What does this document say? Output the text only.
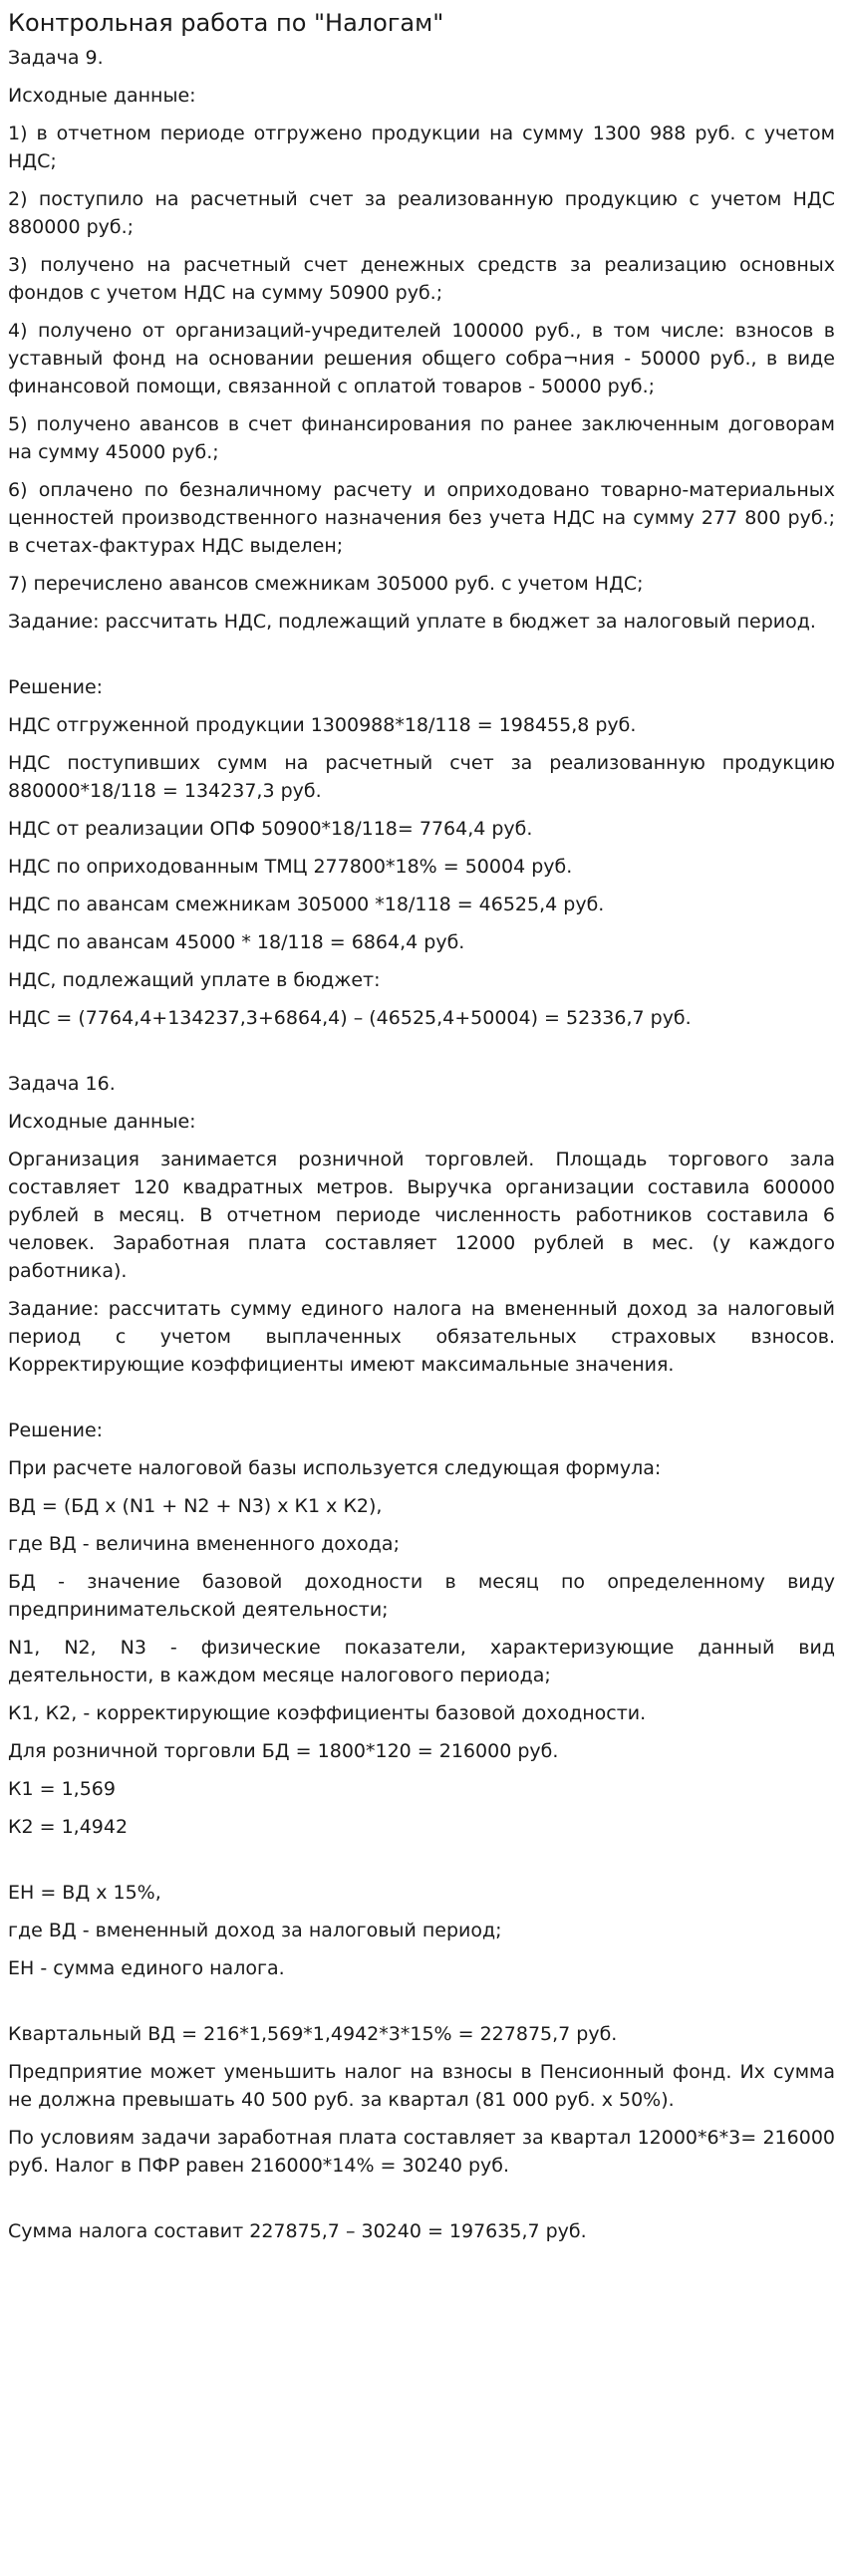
Контрольная работа по "Налогам"
Задача 9.
Исходные данные:
1) в отчетном периоде отгружено продукции на сумму 1300 988 руб. с учетом НДС;
2) поступило на расчетный счет за реализованную продукцию с учетом НДС 880000 руб.;
3) получено на расчетный счет денежных средств за реализацию основных фондов с учетом НДС на сумму 50900 руб.;
4) получено от организаций-учредителей 100000 руб., в том числе: взносов в уставный фонд на основании решения общего собра¬ния - 50000 руб., в виде финансовой помощи, связанной с оплатой товаров - 50000 руб.;
5) получено авансов в счет финансирования по ранее заключенным договорам на сумму 45000 руб.;
6) оплачено по безналичному расчету и оприходовано товарно-материальных ценностей производственного назначения без учета НДС на сумму 277 800 руб.; в счетах-фактурах НДС выделен;
7) перечислено авансов смежникам 305000 руб. с учетом НДС;
Задание: рассчитать НДС, подлежащий уплате в бюджет за налоговый период.
Решение:
НДС отгруженной продукции 1300988*18/118 = 198455,8 руб.
НДС поступивших сумм на расчетный счет за реализованную продукцию 880000*18/118 = 134237,3 руб.
НДС от реализации ОПФ 50900*18/118= 7764,4 руб.
НДС по оприходованным ТМЦ 277800*18% = 50004 руб.
НДС по авансам смежникам 305000 *18/118 = 46525,4 руб.
НДС по авансам 45000 * 18/118 = 6864,4 руб.
НДС, подлежащий уплате в бюджет:
НДС = (7764,4+134237,3+6864,4) – (46525,4+50004) = 52336,7 руб.
Задача 16.
Исходные данные:
Организация занимается розничной торговлей. Площадь торгового зала составляет 120 квадратных метров. Выручка организации составила 600000 рублей в месяц. В отчетном периоде численность работников составила 6 человек. Заработная плата составляет 12000 рублей в мес. (у каждого работника).
Задание: рассчитать сумму единого налога на вмененный доход за налоговый период с учетом выплаченных обязательных страховых взносов. Корректирующие коэффициенты имеют максимальные значения.
Решение:
При расчете налоговой базы используется следующая формула:
ВД = (БД х (N1 + N2 + N3) х К1 х К2),
где ВД - величина вмененного дохода;
БД - значение базовой доходности в месяц по определенному виду предпринимательской деятельности;
N1, N2, N3 - физические показатели, характеризующие данный вид деятельности, в каждом месяце налогового периода;
К1, К2, - корректирующие коэффициенты базовой доходности.
Для розничной торговли БД = 1800*120 = 216000 руб.
К1 = 1,569
К2 = 1,4942
ЕН = ВД х 15%,
где ВД - вмененный доход за налоговый период;
ЕН - сумма единого налога.
Квартальный ВД = 216*1,569*1,4942*3*15% = 227875,7 руб.
Предприятие может уменьшить налог на взносы в Пенсионный фонд. Их сумма не должна превышать 40 500 руб. за квартал (81 000 руб. х 50%).
По условиям задачи заработная плата составляет за квартал 12000*6*3= 216000 руб. Налог в ПФР равен 216000*14% = 30240 руб.
Сумма налога составит 227875,7 – 30240 = 197635,7 руб.
